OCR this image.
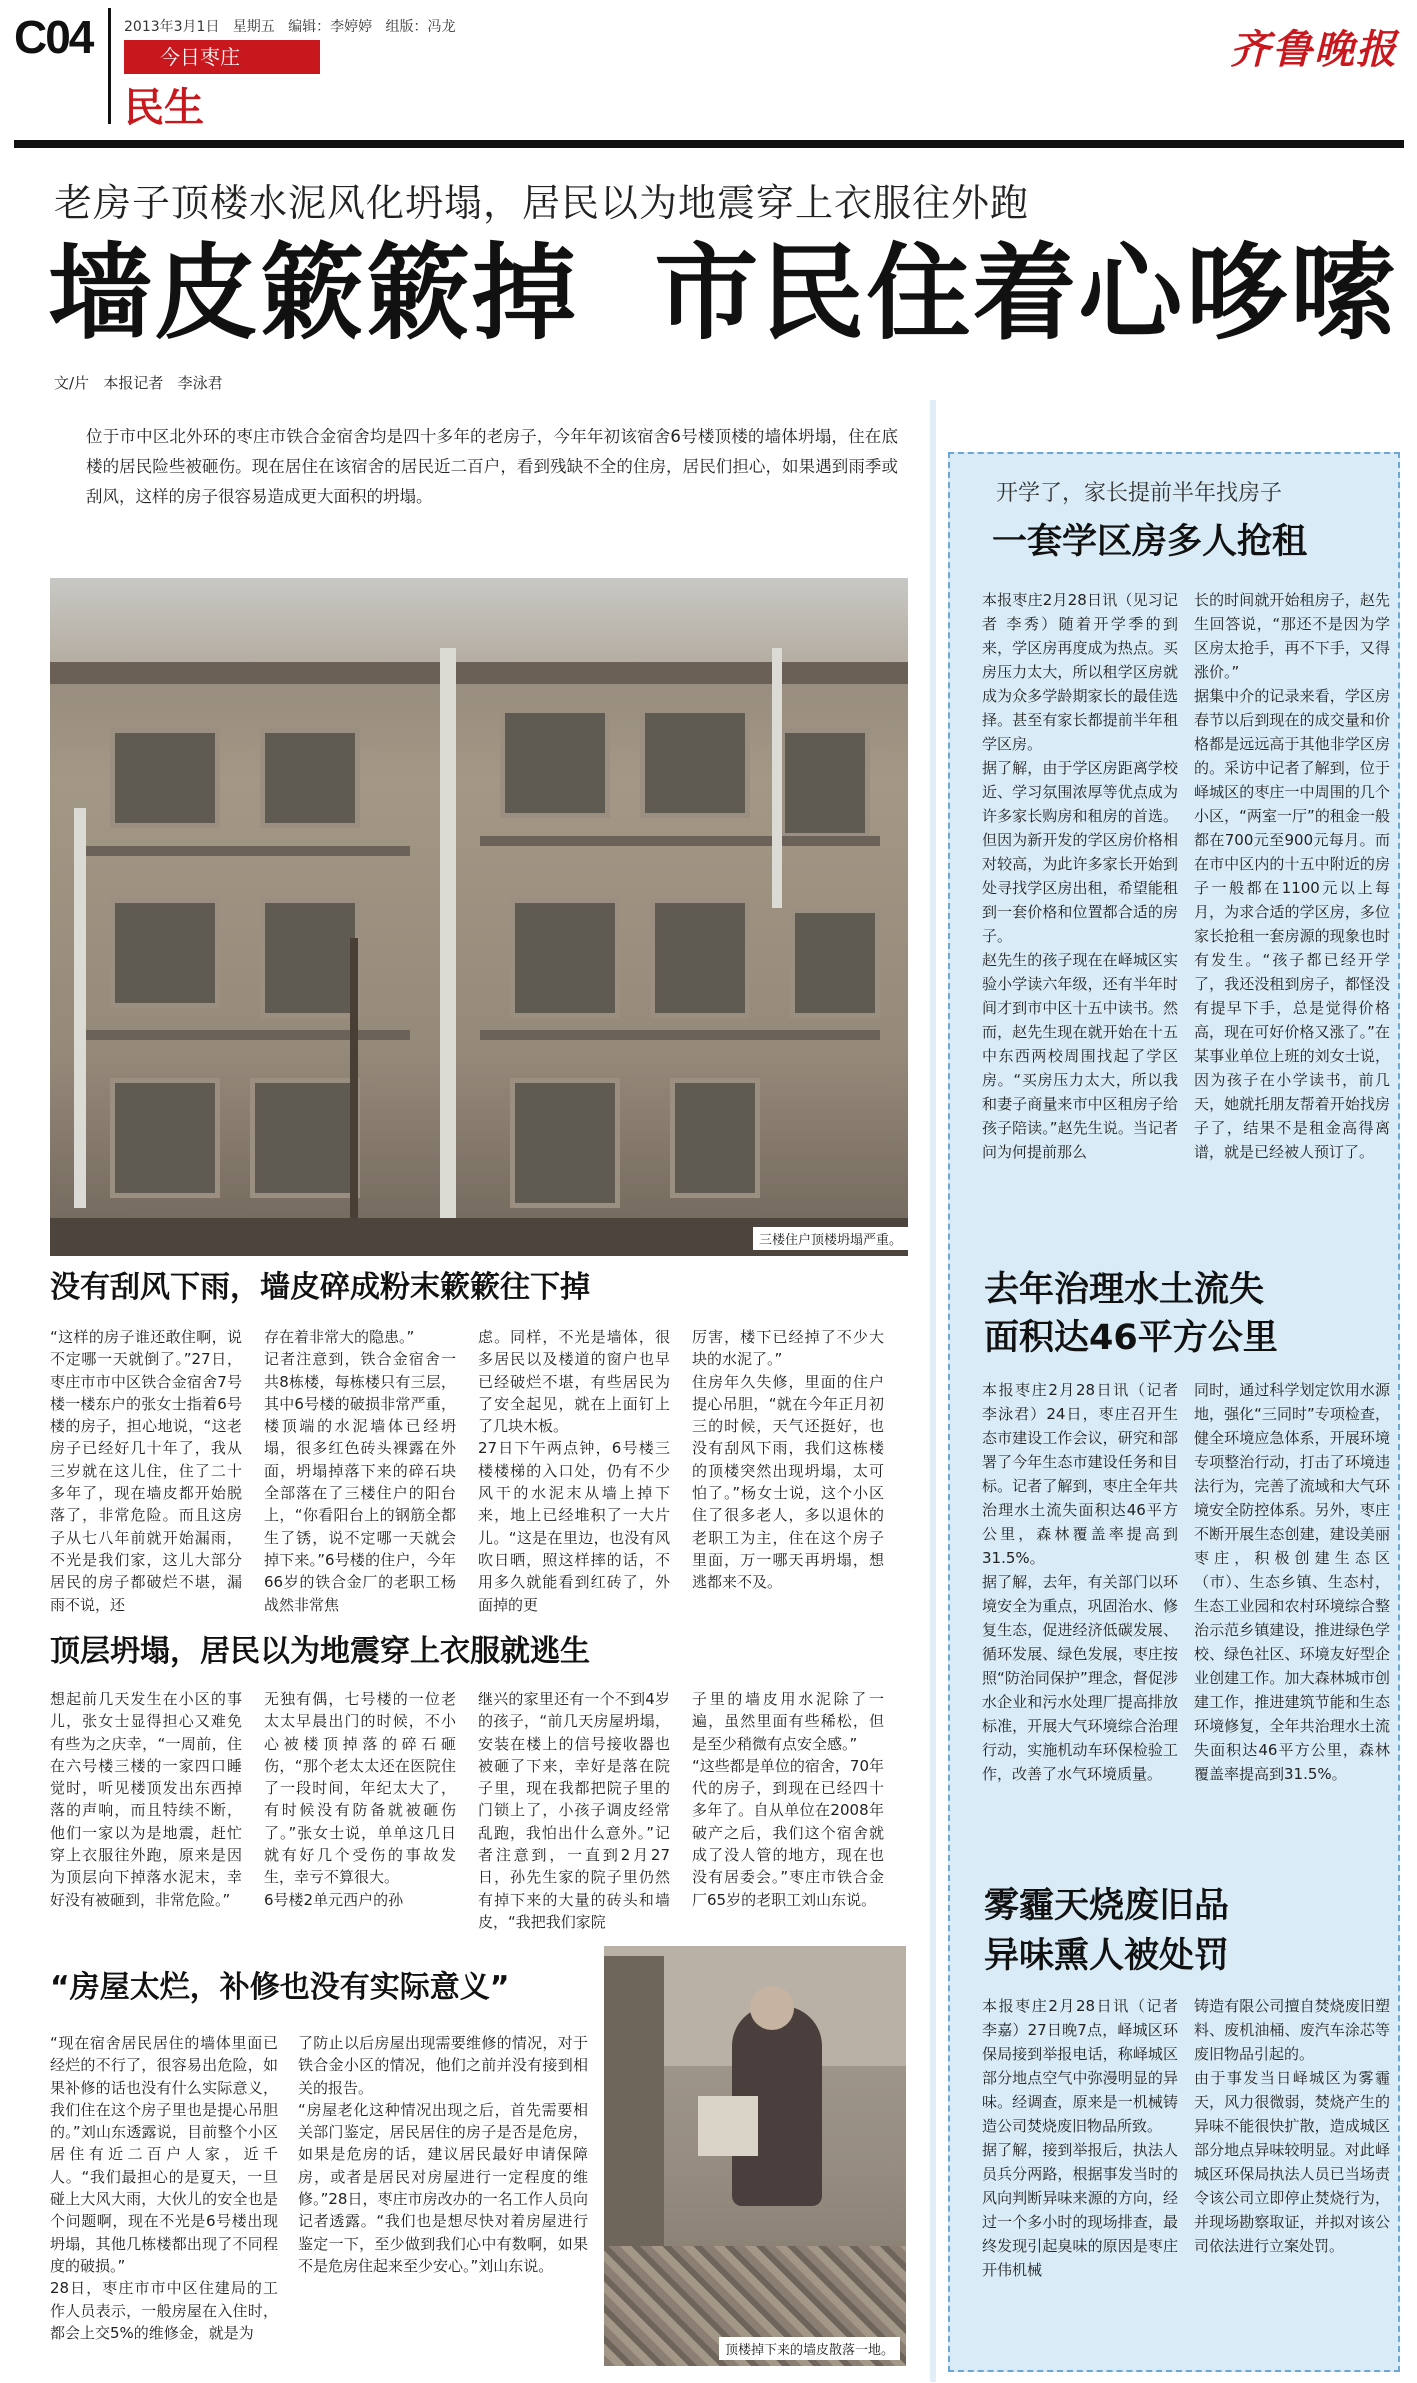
C04 2013年3月1日   星期五   编辑：李婷婷   组版：冯龙
今日枣庄
民生
齐鲁晚报
老房子顶楼水泥风化坍塌，居民以为地震穿上衣服往外跑
墙皮簌簌掉  市民住着心哆嗦
文/片   本报记者   李泳君
位于市中区北外环的枣庄市铁合金宿舍均是四十多年的老房子，今年年初该宿舍6号楼顶楼的墙体坍塌，住在底楼的居民险些被砸伤。现在居住在该宿舍的居民近二百户，看到残缺不全的住房，居民们担心，如果遇到雨季或刮风，这样的房子很容易造成更大面积的坍塌。
三楼住户顶楼坍塌严重。
没有刮风下雨，墙皮碎成粉末簌簌往下掉
“这样的房子谁还敢住啊，说不定哪一天就倒了。”27日，枣庄市市中区铁合金宿舍7号楼一楼东户的张女士指着6号楼的房子，担心地说，“这老房子已经好几十年了，我从三岁就在这儿住，住了二十多年了，现在墙皮都开始脱落了，非常危险。而且这房子从七八年前就开始漏雨，不光是我们家，这儿大部分居民的房子都破烂不堪，漏雨不说，还
存在着非常大的隐患。”
记者注意到，铁合金宿舍一共8栋楼，每栋楼只有三层，其中6号楼的破损非常严重，楼顶端的水泥墙体已经坍塌，很多红色砖头裸露在外面，坍塌掉落下来的碎石块全部落在了三楼住户的阳台上，“你看阳台上的钢筋全都生了锈，说不定哪一天就会掉下来。”6号楼的住户，今年66岁的铁合金厂的老职工杨战然非常焦
虑。同样，不光是墙体，很多居民以及楼道的窗户也早已经破烂不堪，有些居民为了安全起见，就在上面钉上了几块木板。
27日下午两点钟，6号楼三楼楼梯的入口处，仍有不少风干的水泥末从墙上掉下来，地上已经堆积了一大片儿。“这是在里边，也没有风吹日晒，照这样摔的话，不用多久就能看到红砖了，外面掉的更
厉害，楼下已经掉了不少大块的水泥了。”
住房年久失修，里面的住户提心吊胆，“就在今年正月初三的时候，天气还挺好，也没有刮风下雨，我们这栋楼的顶楼突然出现坍塌，太可怕了。”杨女士说，这个小区住了很多老人，多以退休的老职工为主，住在这个房子里面，万一哪天再坍塌，想逃都来不及。
顶层坍塌，居民以为地震穿上衣服就逃生
想起前几天发生在小区的事儿，张女士显得担心又难免有些为之庆幸，“一周前，住在六号楼三楼的一家四口睡觉时，听见楼顶发出东西掉落的声响，而且特续不断，他们一家以为是地震，赶忙穿上衣服往外跑，原来是因为顶层向下掉落水泥末，幸好没有被砸到，非常危险。”
无独有偶，七号楼的一位老太太早晨出门的时候，不小心被楼顶掉落的碎石砸伤，“那个老太太还在医院住了一段时间，年纪太大了，有时候没有防备就被砸伤了。”张女士说，单单这几日就有好几个受伤的事故发生，幸亏不算很大。
6号楼2单元西户的孙
继兴的家里还有一个不到4岁的孩子，“前几天房屋坍塌，安装在楼上的信号接收器也被砸了下来，幸好是落在院子里，现在我都把院子里的门锁上了，小孩子调皮经常乱跑，我怕出什么意外。”记者注意到，一直到2月27日，孙先生家的院子里仍然有掉下来的大量的砖头和墙皮，“我把我们家院
子里的墙皮用水泥除了一遍，虽然里面有些稀松，但是至少稍微有点安全感。”
“这些都是单位的宿舍，70年代的房子，到现在已经四十多年了。自从单位在2008年破产之后，我们这个宿舍就成了没人管的地方，现在也没有居委会。”枣庄市铁合金厂65岁的老职工刘山东说。
“房屋太烂，补修也没有实际意义”
“现在宿舍居民居住的墙体里面已经烂的不行了，很容易出危险，如果补修的话也没有什么实际意义，我们住在这个房子里也是提心吊胆的。”刘山东透露说，目前整个小区居住有近二百户人家，近千人。“我们最担心的是夏天，一旦碰上大风大雨，大伙儿的安全也是个问题啊，现在不光是6号楼出现坍塌，其他几栋楼都出现了不同程度的破损。”
28日，枣庄市市中区住建局的工作人员表示，一般房屋在入住时，都会上交5%的维修金，就是为
了防止以后房屋出现需要维修的情况，对于铁合金小区的情况，他们之前并没有接到相关的报告。
“房屋老化这种情况出现之后，首先需要相关部门鉴定，居民居住的房子是否是危房，如果是危房的话，建议居民最好申请保障房，或者是居民对房屋进行一定程度的维修。”28日，枣庄市房改办的一名工作人员向记者透露。“我们也是想尽快对着房屋进行鉴定一下，至少做到我们心中有数啊，如果不是危房住起来至少安心。”刘山东说。
顶楼掉下来的墙皮散落一地。
开学了，家长提前半年找房子
一套学区房多人抢租
本报枣庄2月28日讯（见习记者 李秀）随着开学季的到来，学区房再度成为热点。买房压力太大，所以租学区房就成为众多学龄期家长的最佳选择。甚至有家长都提前半年租学区房。
据了解，由于学区房距离学校近、学习氛围浓厚等优点成为许多家长购房和租房的首选。但因为新开发的学区房价格相对较高，为此许多家长开始到处寻找学区房出租，希望能租到一套价格和位置都合适的房子。
赵先生的孩子现在在峄城区实验小学读六年级，还有半年时间才到市中区十五中读书。然而，赵先生现在就开始在十五中东西两校周围找起了学区房。“买房压力太大，所以我和妻子商量来市中区租房子给孩子陪读。”赵先生说。当记者问为何提前那么
长的时间就开始租房子，赵先生回答说，“那还不是因为学区房太抢手，再不下手，又得涨价。”
据集中介的记录来看，学区房春节以后到现在的成交量和价格都是远远高于其他非学区房的。采访中记者了解到，位于峄城区的枣庄一中周围的几个小区，“两室一厅”的租金一般都在700元至900元每月。而在市中区内的十五中附近的房子一般都在1100元以上每月，为求合适的学区房，多位家长抢租一套房源的现象也时有发生。“孩子都已经开学了，我还没租到房子，都怪没有提早下手，总是觉得价格高，现在可好价格又涨了。”在某事业单位上班的刘女士说，因为孩子在小学读书，前几天，她就托朋友帮着开始找房子了，结果不是租金高得离谱，就是已经被人预订了。
去年治理水土流失
面积达46平方公里
本报枣庄2月28日讯（记者 李泳君）24日，枣庄召开生态市建设工作会议，研究和部署了今年生态市建设任务和目标。记者了解到，枣庄全年共治理水土流失面积达46平方公里，森林覆盖率提高到31.5%。
据了解，去年，有关部门以环境安全为重点，巩固治水、修复生态，促进经济低碳发展、循环发展、绿色发展，枣庄按照“防治同保护”理念，督促涉水企业和污水处理厂提高排放标准，开展大气环境综合治理行动，实施机动车环保检验工作，改善了水气环境质量。
同时，通过科学划定饮用水源地，强化“三同时”专项检查，健全环境应急体系，开展环境专项整治行动，打击了环境违法行为，完善了流域和大气环境安全防控体系。另外，枣庄不断开展生态创建，建设美丽枣庄，积极创建生态区（市）、生态乡镇、生态村，生态工业园和农村环境综合整治示范乡镇建设，推进绿色学校、绿色社区、环境友好型企业创建工作。加大森林城市创建工作，推进建筑节能和生态环境修复，全年共治理水土流失面积达46平方公里，森林覆盖率提高到31.5%。
雾霾天烧废旧品
异味熏人被处罚
本报枣庄2月28日讯（记者 李嘉）27日晚7点，峄城区环保局接到举报电话，称峄城区部分地点空气中弥漫明显的异味。经调查，原来是一机械铸造公司焚烧废旧物品所致。
据了解，接到举报后，执法人员兵分两路，根据事发当时的风向判断异味来源的方向，经过一个多小时的现场排查，最终发现引起臭味的原因是枣庄开伟机械
铸造有限公司擅自焚烧废旧塑料、废机油桶、废汽车涂芯等废旧物品引起的。
由于事发当日峄城区为雾霾天，风力很微弱，焚烧产生的异味不能很快扩散，造成城区部分地点异味较明显。对此峄城区环保局执法人员已当场责令该公司立即停止焚烧行为，并现场勘察取证，并拟对该公司依法进行立案处罚。
